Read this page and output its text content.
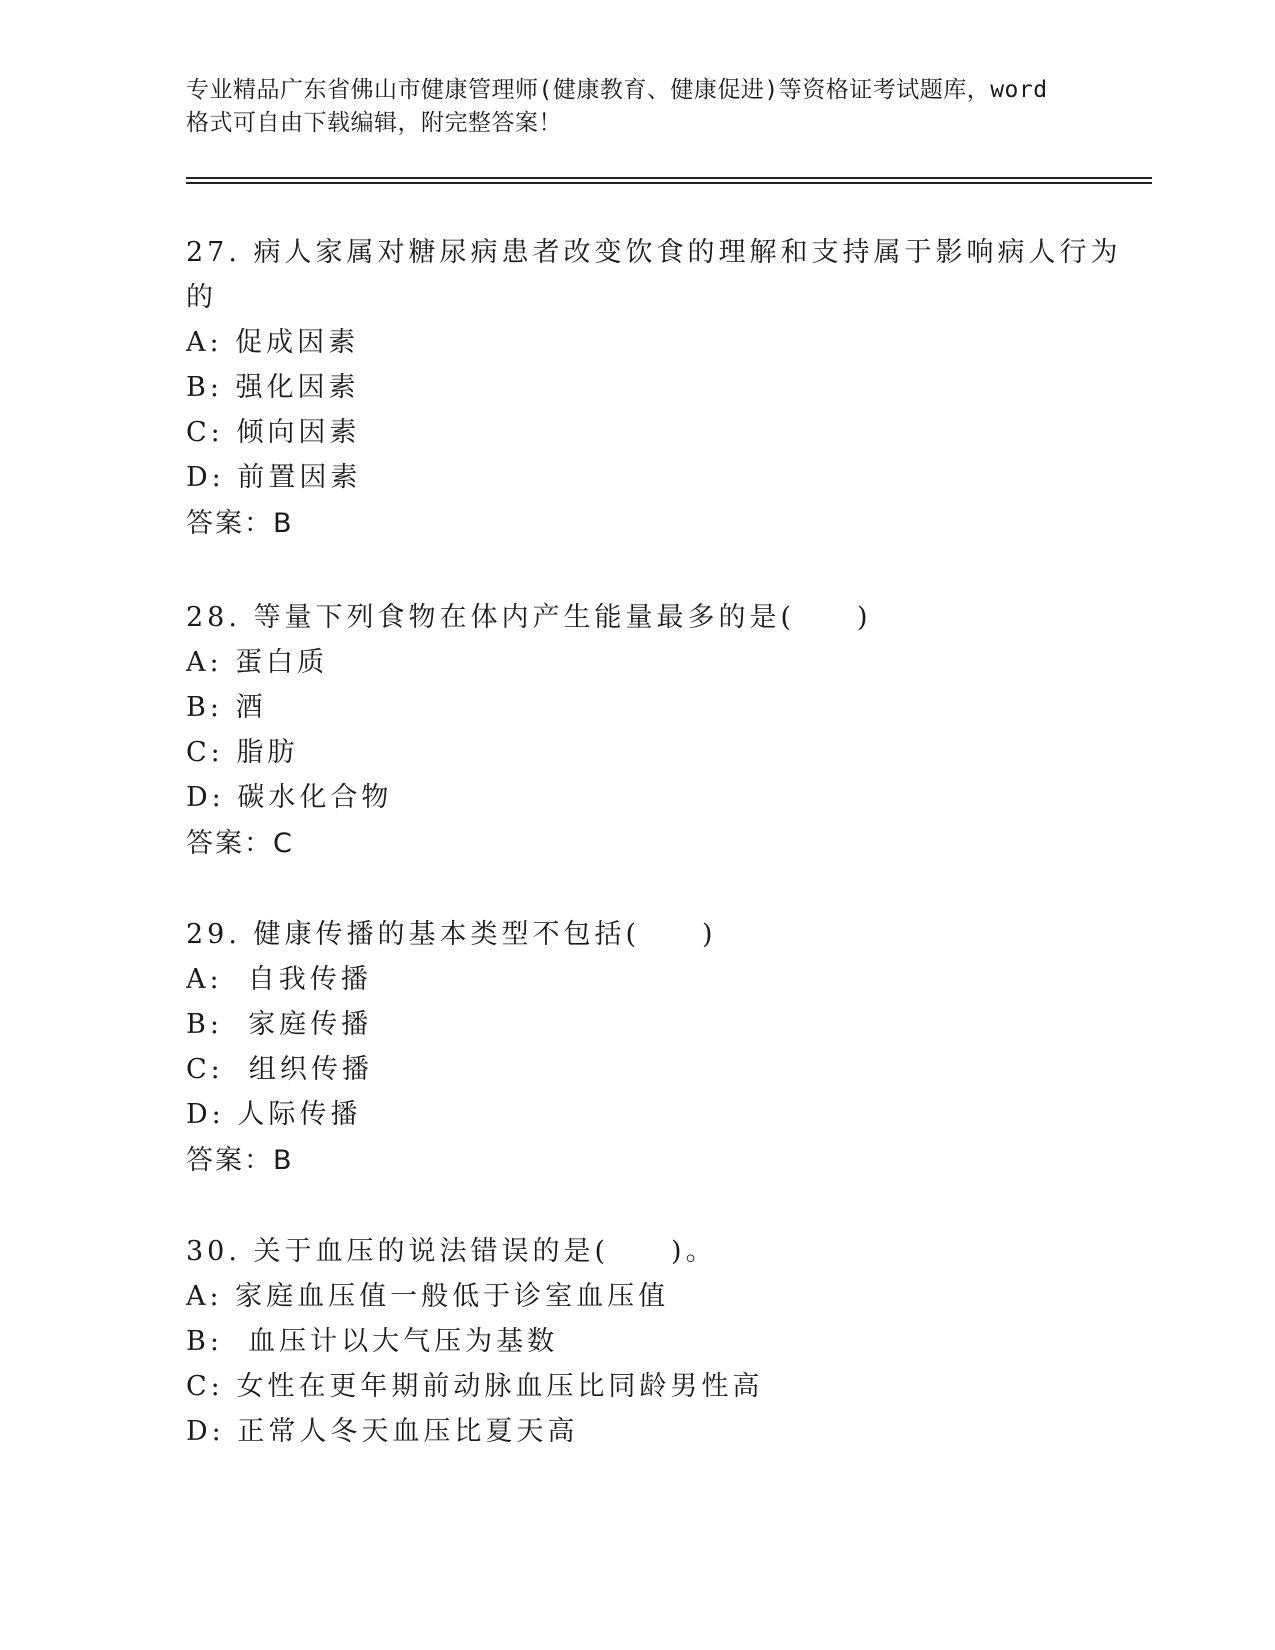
专业精品广东省佛山市健康管理师(健康教育、健康促进)等资格证考试题库，word
格式可自由下载编辑，附完整答案！
27. 病人家属对糖尿病患者改变饮食的理解和支持属于影响病人行为
的
A: 促成因素
B: 强化因素
C: 倾向因素
D: 前置因素
答案：B
28. 等量下列食物在体内产生能量最多的是(　　)
A: 蛋白质
B: 酒
C: 脂肪
D: 碳水化合物
答案：C
29. 健康传播的基本类型不包括(　　)
A:  自我传播
B:  家庭传播
C:  组织传播
D: 人际传播
答案：B
30. 关于血压的说法错误的是(　　)。
A: 家庭血压值一般低于诊室血压值
B:  血压计以大气压为基数
C: 女性在更年期前动脉血压比同龄男性高
D: 正常人冬天血压比夏天高
